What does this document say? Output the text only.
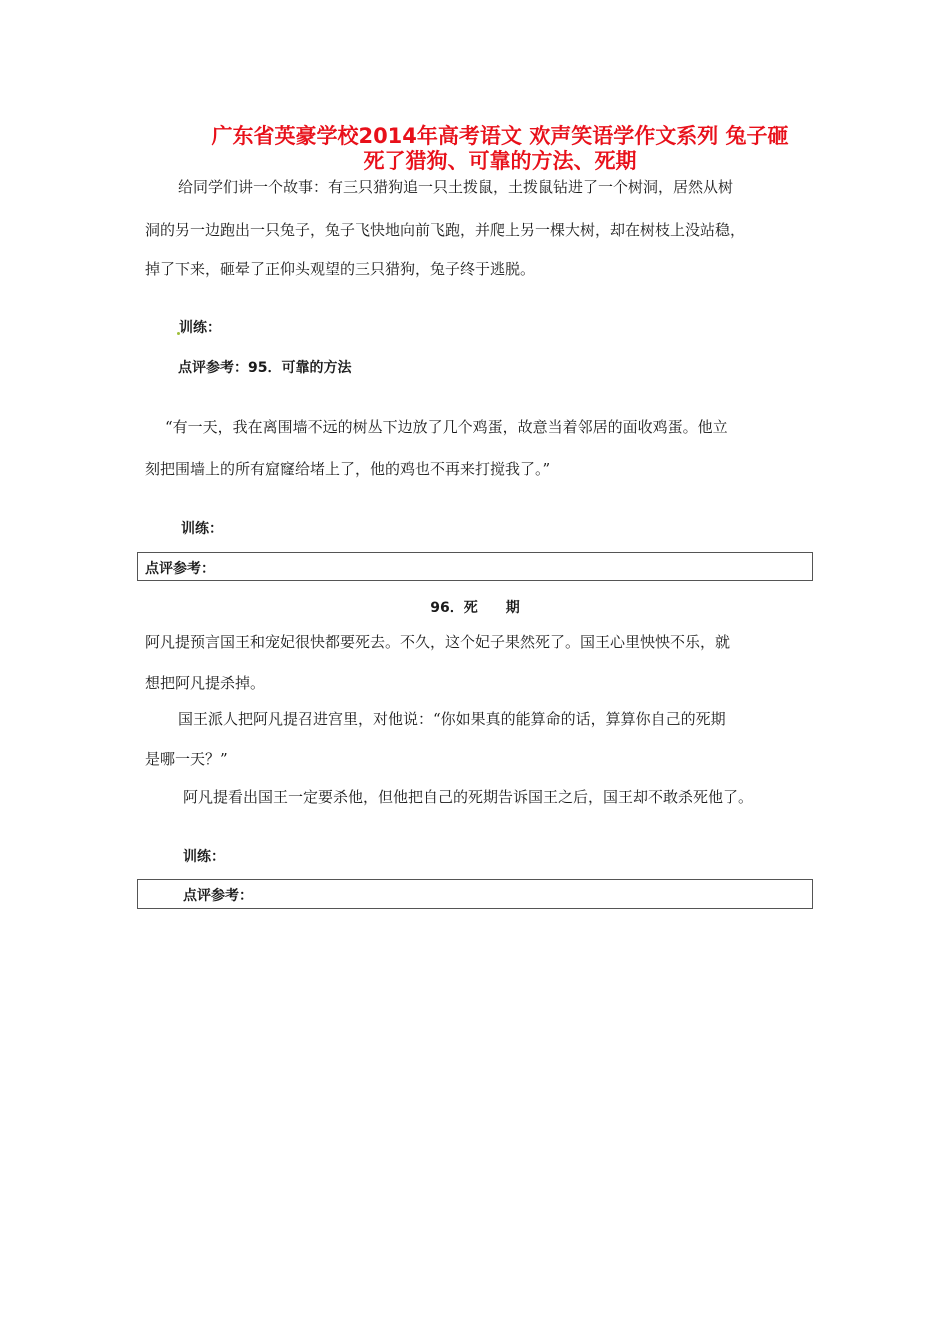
广东省英豪学校2014年高考语文 欢声笑语学作文系列 兔子砸
死了猎狗、可靠的方法、死期
给同学们讲一个故事：有三只猎狗追一只土拨鼠，土拨鼠钻进了一个树洞，居然从树
洞的另一边跑出一只兔子，兔子飞快地向前飞跑，并爬上另一棵大树，却在树枝上没站稳，
掉了下来，砸晕了正仰头观望的三只猎狗，兔子终于逃脱。
训练：
点评参考：95．可靠的方法
“有一天，我在离围墙不远的树丛下边放了几个鸡蛋，故意当着邻居的面收鸡蛋。他立
刻把围墙上的所有窟窿给堵上了，他的鸡也不再来打搅我了。”
训练：
点评参考：
96．死　　期
阿凡提预言国王和宠妃很快都要死去。不久，这个妃子果然死了。国王心里怏怏不乐，就
想把阿凡提杀掉。
国王派人把阿凡提召进宫里，对他说：“你如果真的能算命的话，算算你自己的死期
是哪一天？”
阿凡提看出国王一定要杀他，但他把自己的死期告诉国王之后，国王却不敢杀死他了。
训练：
点评参考：
